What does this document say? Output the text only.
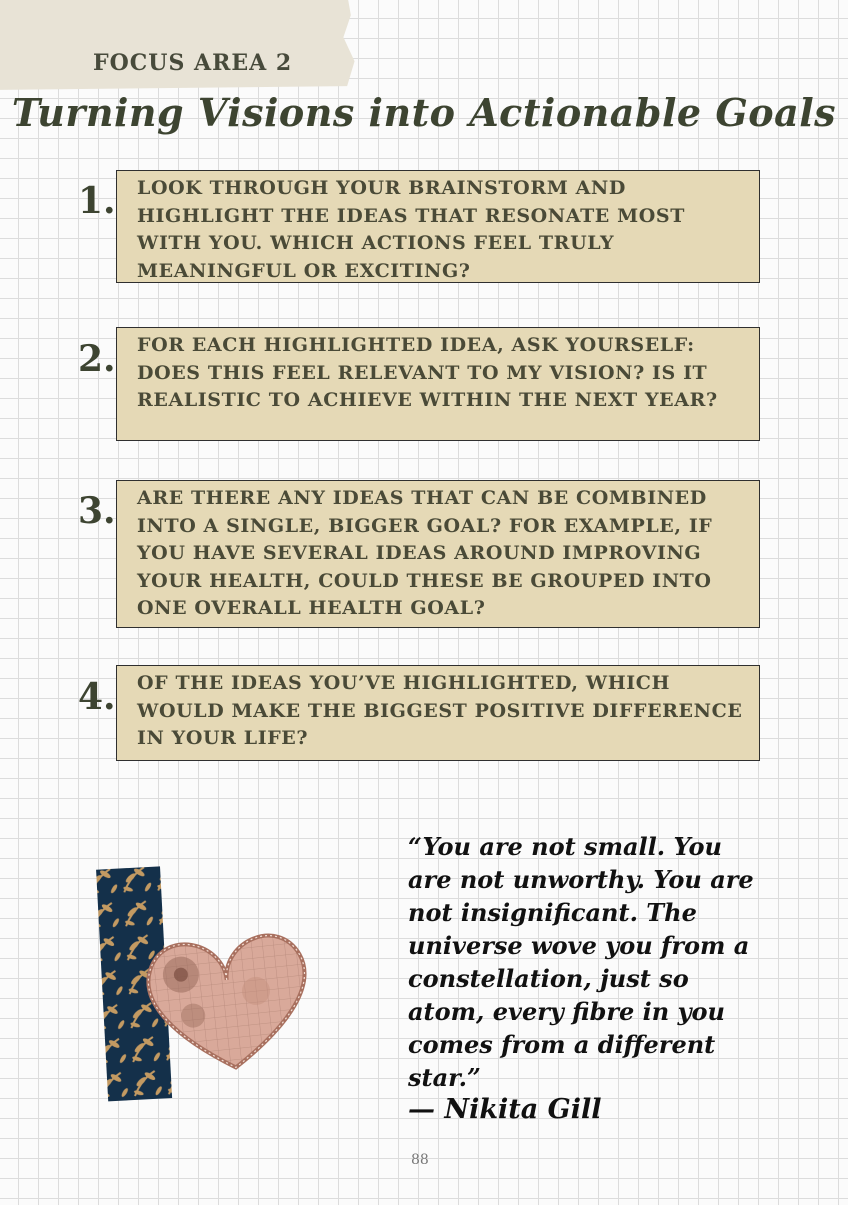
FOCUS AREA 2
Turning Visions into Actionable Goals
1. LOOK THROUGH YOUR BRAINSTORM AND HIGHLIGHT THE IDEAS THAT RESONATE MOST WITH YOU. WHICH ACTIONS FEEL TRULY MEANINGFUL OR EXCITING?
2. FOR EACH HIGHLIGHTED IDEA, ASK YOURSELF: DOES THIS FEEL RELEVANT TO MY VISION? IS IT REALISTIC TO ACHIEVE WITHIN THE NEXT YEAR?
3. ARE THERE ANY IDEAS THAT CAN BE COMBINED INTO A SINGLE, BIGGER GOAL? FOR EXAMPLE, IF YOU HAVE SEVERAL IDEAS AROUND IMPROVING YOUR HEALTH, COULD THESE BE GROUPED INTO ONE OVERALL HEALTH GOAL?
4. OF THE IDEAS YOU’VE HIGHLIGHTED, WHICH WOULD MAKE THE BIGGEST POSITIVE DIFFERENCE IN YOUR LIFE?
“You are not small. You are not unworthy. You are not insignificant. The universe wove you from a constellation, just so atom, every fibre in you comes from a different star.”
— Nikita Gill
88
